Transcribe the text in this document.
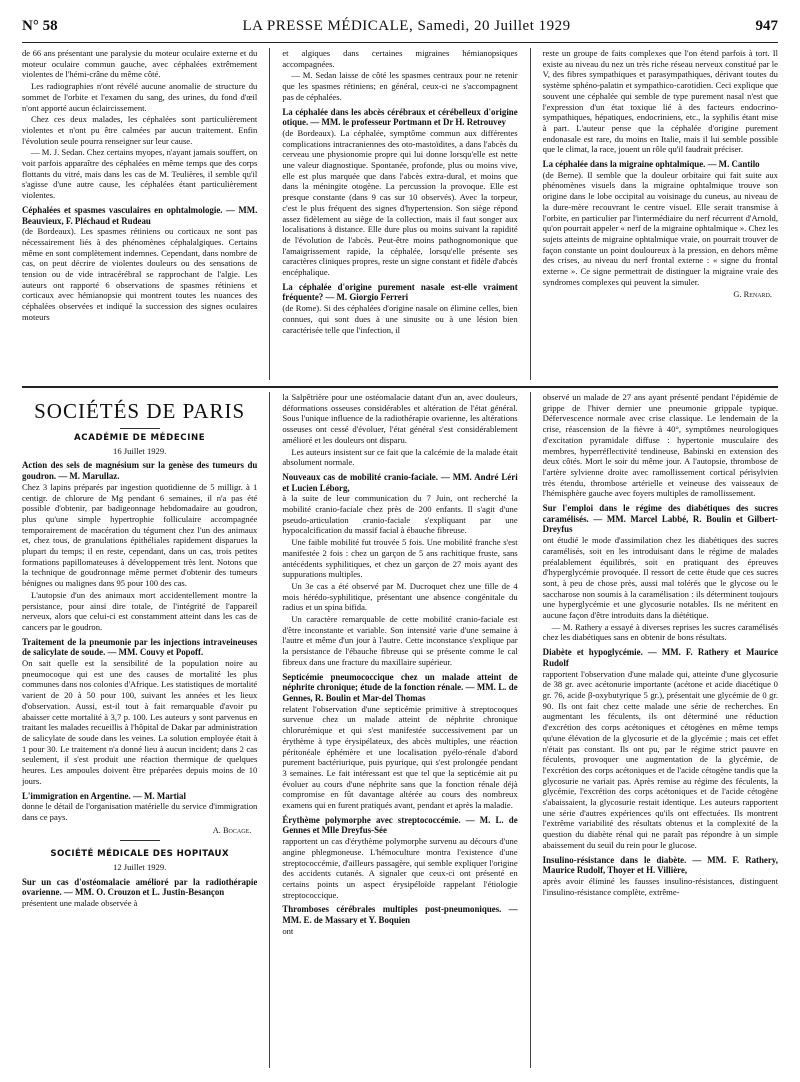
N° 58	LA PRESSE MÉDICALE, Samedi, 20 Juillet 1929	947

de 66 ans présentant une paralysie du moteur oculaire externe et du moteur oculaire commun gauche, avec céphalées extrêmement violentes de l'hémi-crâne du même côté.

Les radiographies n'ont révélé aucune anomalie de structure du sommet de l'orbite et l'examen du sang, des urines, du fond d'œil n'ont apporté aucun éclaircissement.

Chez ces deux malades, les céphalées sont particulièrement violentes et n'ont pu être calmées par aucun traitement. Enfin l'évolution seule pourra renseigner sur leur cause.

— M. J. Sedan. Chez certains myopes, n'ayant jamais souffert, on voit parfois apparaître des céphalées en même temps que des corps flottants du vitré, mais dans les cas de M. Teulières, il semble qu'il s'agisse d'une autre cause, les céphalées étant particulièrement violentes.

Céphalées et spasmes vasculaires en ophtalmologie. — MM. Beauvieux, F. Pléchaud et Rudeau

(de Bordeaux). Les spasmes rétiniens ou corticaux ne sont pas nécessairement liés à des phénomènes céphalalgiques. Certains même en sont complètement indemnes. Cependant, dans nombre de cas, on peut décrire de violentes douleurs ou des sensations de tension ou de vide intracérébral se rapprochant de l'algie. Les auteurs ont rapporté 6 observations de spasmes rétiniens et corticaux avec hémianopsie qui montrent toutes les nuances des céphalées observées et indiqué la succession des signes oculaires moteurs

et algiques dans certaines migraines hémianopsiques accompagnées.

— M. Sedan laisse de côté les spasmes centraux pour ne retenir que les spasmes rétiniens; en général, ceux-ci ne s'accompagnent pas de céphalées.

La céphalée dans les abcès cérébraux et cérébelleux d'origine otique. — MM. le professeur Portmann et Dr H. Retrouvey

(de Bordeaux). La céphalée, symptôme commun aux différentes complications intracraniennes des oto-mastoïdites, a dans l'abcès du cerveau une physionomie propre qui lui donne lorsqu'elle est nette une valeur diagnostique. Spontanée, profonde, plus ou moins vive, elle est plus marquée que dans l'abcès extra-dural, et moins que dans la méningite otogène. La percussion la provoque. Elle est presque constante (dans 9 cas sur 10 observés). Avec la torpeur, c'est le plus fréquent des signes d'hypertension. Son siège répond assez fidèlement au siège de la collection, mais il faut songer aux localisations à distance. Elle dure plus ou moins suivant la rapidité de l'évolution de l'abcès. Peut-être moins pathognomonique que l'amaigrissement rapide, la céphalée, lorsqu'elle présente ses caractères cliniques propres, reste un signe constant et fidèle d'abcès encéphalique.

La céphalée d'origine purement nasale est-elle vraiment fréquente? — M. Giorgio Ferreri

(de Rome). Si des céphalées d'origine nasale on élimine celles, bien connues, qui sont dues à une sinusite ou à une lésion bien caractérisée telle que l'infection, il

reste un groupe de faits complexes que l'on étend parfois à tort. Il existe au niveau du nez un très riche réseau nerveux constitué par le V, des fibres sympathiques et parasympathiques, dérivant toutes du système sphéno-palatin et sympathico-carotidien. Ceci explique que souvent une céphalée qui semble de type purement nasal n'est que l'expression d'un état toxique lié à des facteurs endocrino-sympathiques, hépatiques, endocriniens, etc., la syphilis étant mise à part. L'auteur pense que la céphalée d'origine purement endonasale est rare, du moins en Italie, mais il lui semble possible que le climat, la race, jouent un rôle qu'il faudrait préciser.

La céphalée dans la migraine ophtalmique. — M. Cantilo

(de Berne). Il semble que la douleur orbitaire qui fait suite aux phénomènes visuels dans la migraine ophtalmique trouve son origine dans le lobe occipital au voisinage du cuneus, au niveau de la dure-mère recouvrant le centre visuel. Elle serait transmise à l'orbite, en particulier par l'intermédiaire du nerf récurrent d'Arnold, qu'on pourrait appeler « nerf de la migraine ophtalmique ». Chez les sujets atteints de migraine ophtalmique vraie, on pourrait trouver de façon constante un point douloureux à la pression, en dehors même des crises, au niveau du nerf frontal externe : « signe du frontal externe ». Ce signe permettrait de distinguer la migraine vraie des syndromes complexes qui peuvent la simuler.

G. Renard.
SOCIÉTÉS DE PARIS
ACADÉMIE DE MÉDECINE
16 Juillet 1929.
Action des sels de magnésium sur la genèse des tumeurs du goudron. — M. Marullaz.

Chez 3 lapins préparés par ingestion quotidienne de 5 milligr. à 1 centigr. de chlorure de Mg pendant 6 semaines, il n'a pas été possible d'obtenir, par badigeonnage hebdomadaire au goudron, plus qu'une simple hypertrophie folliculaire accompagnée temporairement de macération du tégument chez l'un des animaux et, chez tous, de granulations épithéliales rapidement disparues la plupart du temps; il en reste, cependant, dans un cas, trois petites formations papillomateuses à développement très lent. Notons que la technique de goudronnage même permet d'obtenir des tumeurs bénignes ou malignes dans 95 pour 100 des cas.

L'autopsie d'un des animaux mort accidentellement montre la persistance, pour ainsi dire totale, de l'intégrité de l'appareil nerveux, alors que celui-ci est constamment atteint dans les cas de cancers par le goudron.

Traitement de la pneumonie par les injections intraveineuses de salicylate de soude. — MM. Couvy et Popoff.

On sait quelle est la sensibilité de la population noire au pneumocoque qui est une des causes de mortalité les plus communes dans nos colonies d'Afrique. Les statistiques de mortalité varient de 20 à 50 pour 100, suivant les années et les lieux d'observation. Aussi, est-il tout à fait remarquable d'avoir pu abaisser cette mortalité à 3,7 p. 100. Les auteurs y sont parvenus en traitant les malades recueillis à l'hôpital de Dakar par administration de salicylate de soude dans les veines. La solution employée était à 1 pour 30. Le traitement n'a donné lieu à aucun incident; dans 2 cas seulement, il s'est produit une réaction thermique de quelques heures. Les ampoules doivent être préparées depuis moins de 10 jours.

L'immigration en Argentine. — M. Martial

donne le détail de l'organisation matérielle du service d'immigration dans ce pays.

A. Bocage.
SOCIÉTÉ MÉDICALE DES HOPITAUX
12 Juillet 1929.
Sur un cas d'ostéomalacie amélioré par la radiothérapie ovarienne. — MM. O. Crouzon et L. Justin-Besançon

présentent une malade observée à

la Salpêtrière pour une ostéomalacie datant d'un an, avec douleurs, déformations osseuses considérables et altération de l'état général. Sous l'unique influence de la radiothérapie ovarienne, les altérations osseuses ont cessé d'évoluer, l'état général s'est considérablement amélioré et les douleurs ont disparu.

Les auteurs insistent sur ce fait que la calcémie de la malade était absolument normale.

Nouveaux cas de mobilité cranio-faciale. — MM. André Léri et Lucien Léborg,

à la suite de leur communication du 7 Juin, ont recherché la mobilité cranio-faciale chez près de 200 enfants. Il s'agit d'une pseudo-articulation cranio-faciale s'expliquant par une hypocalcification du massif facial à ébauche fibreuse.

Une faible mobilité fut trouvée 5 fois. Une mobilité franche s'est manifestée 2 fois : chez un garçon de 5 ans rachitique fruste, sans antécédents syphilitiques, et chez un garçon de 27 mois ayant des suppurations multiples.

Un 3e cas a été observé par M. Ducroquet chez une fille de 4 mois hérédo-syphilitique, présentant une absence congénitale du radius et un spina bifida.

Un caractère remarquable de cette mobilité cranio-faciale est d'être inconstante et variable. Son intensité varie d'une semaine à l'autre et même d'un jour à l'autre. Cette inconstance s'explique par la persistance de l'ébauche fibreuse qui se présente comme le cal fibreux dans une fracture du maxillaire supérieur.

Septicémie pneumococcique chez un malade atteint de néphrite chronique; étude de la fonction rénale. — MM. L. de Gennes, R. Boulin et Mar-del Thomas

relatent l'observation d'une septicémie primitive à streptocoques survenue chez un malade atteint de néphrite chronique chlorurémique et qui s'est manifestée successivement par un érythème à type érysipélateux, des abcès multiples, une réaction péritonéale éphémère et une localisation pyélo-rénale d'abord purement bactériurique, puis pyurique, qui s'est prolongée pendant 3 semaines. Le fait intéressant est que tel que la septicémie ait pu évoluer au cours d'une néphrite sans que la fonction rénale déjà compromise en fût davantage altérée au cours des nombreux examens qui en furent pratiqués avant, pendant et après la maladie.

Érythème polymorphe avec streptococcémie. — M. L. de Gennes et Mlle Dreyfus-Sée

rapportent un cas d'érythème polymorphe survenu au décours d'une angine phlegmoneuse. L'hémoculture montra l'existence d'une streptococcémie, d'ailleurs passagère, qui semble expliquer l'origine des accidents cutanés. A signaler que ceux-ci ont présenté en certains points un aspect érysipéloïde rappelant l'étiologie streptococcique.

Thromboses cérébrales multiples post-pneumoniques. — MM. E. de Massary et Y. Boquien

ont

observé un malade de 27 ans ayant présenté pendant l'épidémie de grippe de l'hiver dernier une pneumonie grippale typique. Défervescence normale avec crise classique. Le lendemain de la crise, réascension de la fièvre à 40°, symptômes neurologiques d'excitation pyramidale diffuse : hypertonie musculaire des membres, hyperréflectivité tendineuse, Babinski en extension des deux côtés. Mort le soir du même jour. A l'autopsie, thrombose de l'artère sylvienne droite avec ramollissement cortical périsylvien très étendu, thrombose artérielle et veineuse des vaisseaux de l'hémisphère gauche avec foyers multiples de ramollissement.

Sur l'emploi dans le régime des diabétiques des sucres caramélisés. — MM. Marcel Labbé, R. Boulin et Gilbert-Dreyfus

ont étudié le mode d'assimilation chez les diabétiques des sucres caramélisés, soit en les introduisant dans le régime de malades préalablement équilibrés, soit en pratiquant des épreuves d'hyperglycémie provoquée. Il ressort de cette étude que ces sucres sont, à peu de chose près, aussi mal tolérés que le glycose ou le saccharose non soumis à la caramélisation : ils déterminent toujours une hyperglycémie et une glycosurie notables. Ils ne méritent en aucune façon d'être introduits dans la diététique.

— M. Rathery a essayé à diverses reprises les sucres caramélisés chez les diabétiques sans en obtenir de bons résultats.

Diabète et hypoglycémie. — MM. F. Rathery et Maurice Rudolf

rapportent l'observation d'une malade qui, atteinte d'une glycosurie de 38 gr. avec acétonurie importante (acétone et acide diacétique 0 gr. 76, acide β-oxybutyrique 5 gr.), présentait une glycémie de 0 gr. 90. Ils ont fait chez cette malade une série de recherches. En augmentant les féculents, ils ont déterminé une réduction d'excrétion des corps acétoniques et cétogènes en même temps qu'une élévation de la glycosurie et de la glycémie ; mais cet effet n'était pas constant. Ils ont pu, par le régime strict pauvre en féculents, provoquer une augmentation de la glycémie, de l'excrétion des corps acétoniques et de l'acide cétogène tandis que la glycosurie ne variait pas. Après remise au régime des féculents, la glycémie, l'excrétion des corps acétoniques et de l'acide cétogène s'abaissaient, la glycosurie restait identique. Les auteurs rapportent une série d'autres expériences qu'ils ont effectuées. Ils montrent l'extrême variabilité des résultats obtenus et la complexité de la question du diabète rénal qui ne paraît pas répondre à un simple abaissement du seuil du rein pour le glucose.

Insulino-résistance dans le diabète. — MM. F. Rathery, Maurice Rudolf, Thoyer et H. Villière,

après avoir éliminé les fausses insulino-résistances, distinguent l'insulino-résistance complète, extrême-
